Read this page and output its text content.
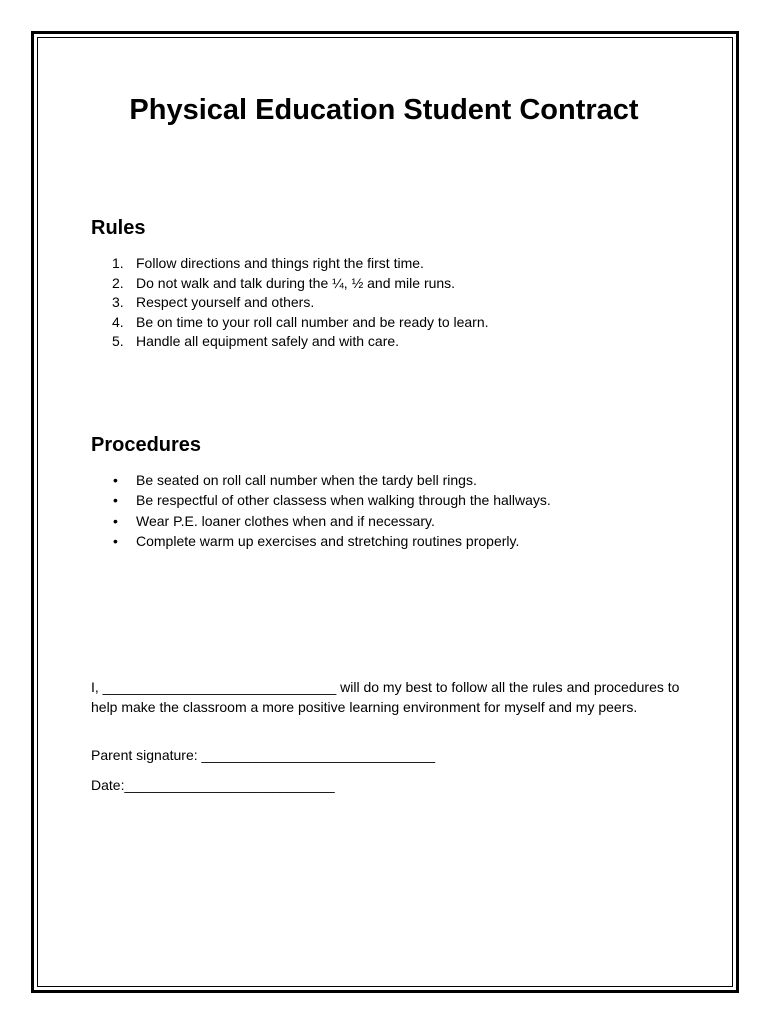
Physical Education Student Contract
Rules
1. Follow directions and things right the first time.
2. Do not walk and talk during the ¼, ½ and mile runs.
3. Respect yourself and others.
4. Be on time to your roll call number and be ready to learn.
5. Handle all equipment safely and with care.
Procedures
•	Be seated on roll call number when the tardy bell rings.
•	Be respectful of other classess when walking through the hallways.
•	Wear P.E. loaner clothes when and if necessary.
•	Complete warm up exercises and stretching routines properly.

I, ______________________________ will do my best to follow all the rules and procedures to help make the classroom a more positive learning environment for myself and my peers.

Parent signature: ______________________________

Date:___________________________
